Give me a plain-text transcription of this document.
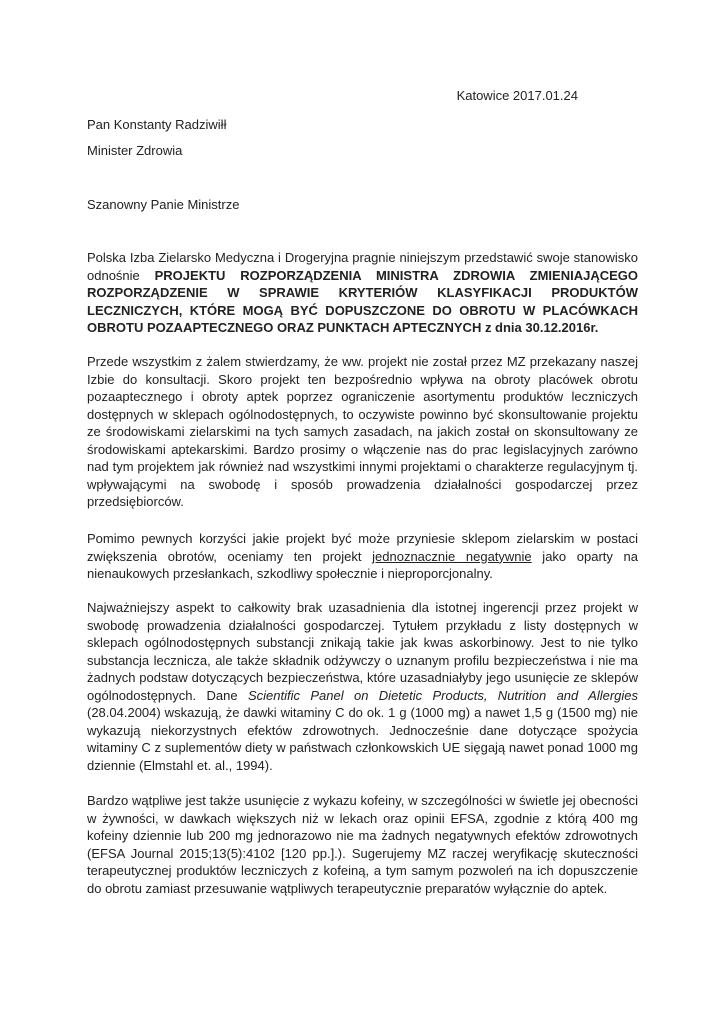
Katowice 2017.01.24
Pan Konstanty Radziwiłł
Minister Zdrowia
Szanowny Panie Ministrze
Polska Izba Zielarsko Medyczna i Drogeryjna pragnie niniejszym przedstawić swoje stanowisko odnośnie PROJEKTU ROZPORZĄDZENIA MINISTRA ZDROWIA ZMIENIAJĄCEGO ROZPORZĄDZENIE W SPRAWIE KRYTERIÓW KLASYFIKACJI PRODUKTÓW LECZNICZYCH, KTÓRE MOGĄ BYĆ DOPUSZCZONE DO OBROTU W PLACÓWKACH OBROTU POZAAPTECZNEGO ORAZ PUNKTACH APTECZNYCH z dnia 30.12.2016r.
Przede wszystkim z żalem stwierdzamy, że ww. projekt nie został przez MZ przekazany naszej Izbie do konsultacji. Skoro projekt ten bezpośrednio wpływa na obroty placówek obrotu pozaaptecznego i obroty aptek poprzez ograniczenie asortymentu produktów leczniczych dostępnych w sklepach ogólnodostępnych, to oczywiste powinno być skonsultowanie projektu ze środowiskami zielarskimi na tych samych zasadach, na jakich został on skonsultowany ze środowiskami aptekarskimi. Bardzo prosimy o włączenie nas do prac legislacyjnych zarówno nad tym projektem jak również nad wszystkimi innymi projektami o charakterze regulacyjnym tj. wpływającymi na swobodę i sposób prowadzenia działalności gospodarczej przez przedsiębiorców.
Pomimo pewnych korzyści jakie projekt być może przyniesie sklepom zielarskim w postaci zwiększenia obrotów, oceniamy ten projekt jednoznacznie negatywnie jako oparty na nienaukowych przesłankach, szkodliwy społecznie i nieproporcjonalny.
Najważniejszy aspekt to całkowity brak uzasadnienia dla istotnej ingerencji przez projekt w swobodę prowadzenia działalności gospodarczej. Tytułem przykładu z listy dostępnych w sklepach ogólnodostępnych substancji znikają takie jak kwas askorbinowy. Jest to nie tylko substancja lecznicza, ale także składnik odżywczy o uznanym profilu bezpieczeństwa i nie ma żadnych podstaw dotyczących bezpieczeństwa, które uzasadniałyby jego usunięcie ze sklepów ogólnodostępnych. Dane Scientific Panel on Dietetic Products, Nutrition and Allergies (28.04.2004) wskazują, że dawki witaminy C do ok. 1 g (1000 mg) a nawet 1,5 g (1500 mg) nie wykazują niekorzystnych efektów zdrowotnych. Jednocześnie dane dotyczące spożycia witaminy C z suplementów diety w państwach członkowskich UE sięgają nawet ponad 1000 mg dziennie (Elmstahl et. al., 1994).
Bardzo wątpliwe jest także usunięcie z wykazu kofeiny, w szczególności w świetle jej obecności w żywności, w dawkach większych niż w lekach oraz opinii EFSA, zgodnie z którą 400 mg kofeiny dziennie lub 200 mg jednorazowo nie ma żadnych negatywnych efektów zdrowotnych (EFSA Journal 2015;13(5):4102 [120 pp.].). Sugerujemy MZ raczej weryfikację skuteczności terapeutycznej produktów leczniczych z kofeiną, a tym samym pozwoleń na ich dopuszczenie do obrotu zamiast przesuwanie wątpliwych terapeutycznie preparatów wyłącznie do aptek.
